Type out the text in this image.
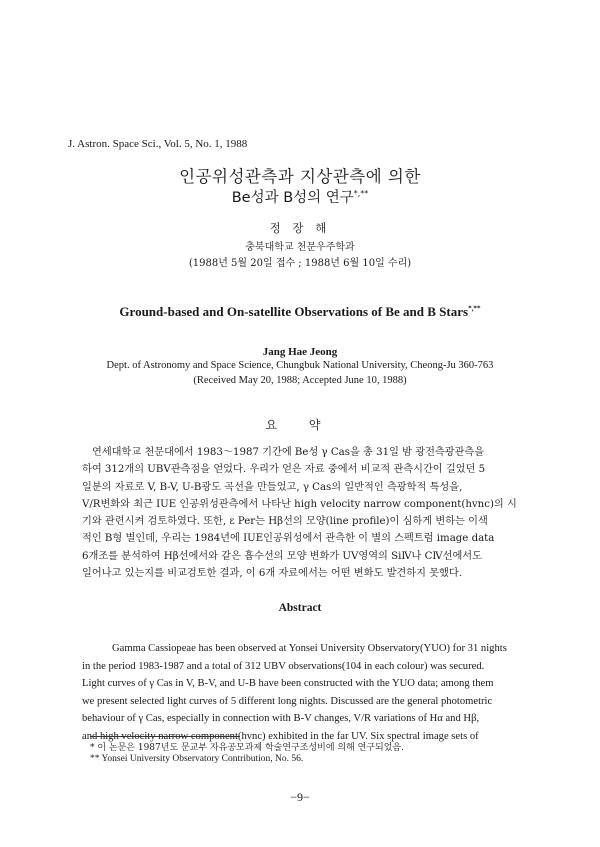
J. Astron. Space Sci., Vol. 5, No. 1, 1988
인공위성관측과 지상관측에 의한
Be성과 B성의 연구*,**
정 장 해
충북대학교 천문우주학과
(1988년 5월 20일 접수 ; 1988년 6월 10일 수리)
Ground-based and On-satellite Observations of Be and B Stars*,**
Jang Hae Jeong
Dept. of Astronomy and Space Science, Chungbuk National University, Cheong-Ju 360-763
(Received May 20, 1988; Accepted June 10, 1988)
요 약
연세대학교 천문대에서 1983～1987 기간에 Be성 γ Cas을 총 31일 밤 광전측광관측을
하여 312개의 UBV관측점을 얻었다. 우리가 얻은 자료 중에서 비교적 관측시간이 길었던 5
일분의 자료로 V, B-V, U-B광도 곡선을 만들었고, γ Cas의 일반적인 측광학적 특성을,
V/R변화와 최근 IUE 인공위성관측에서 나타난 high velocity narrow component(hvnc)의 시
기와 관련시켜 검토하였다. 또한, ε Per는 Hβ선의 모양(line profile)이 심하게 변하는 이색
적인 B형 별인데, 우리는 1984년에 IUE인공위성에서 관측한 이 별의 스펙트럼 image data
6개조를 분석하여 Hβ선에서와 같은 흡수선의 모양 변화가 UV영역의 SiⅣ나 CⅣ선에서도
일어나고 있는지를 비교검토한 결과, 이 6개 자료에서는 어떤 변화도 발견하지 못했다.
Abstract
Gamma Cassiopeae has been observed at Yonsei University Observatory(YUO) for 31 nights
in the period 1983-1987 and a total of 312 UBV observations(104 in each colour) was secured.
Light curves of γ Cas in V, B-V, and U-B have been constructed with the YUO data; among them
we present selected light curves of 5 different long nights. Discussed are the general photometric
behaviour of γ Cas, especially in connection with B-V changes, V/R variations of Hα and Hβ,
and high velocity narrow component(hvnc) exhibited in the far UV. Six spectral image sets of
* 이 논문은 1987년도 문교부 자유공모과제 학술연구조성비에 의해 연구되었음.
** Yonsei University Observatory Contribution, No. 56.
−9−
